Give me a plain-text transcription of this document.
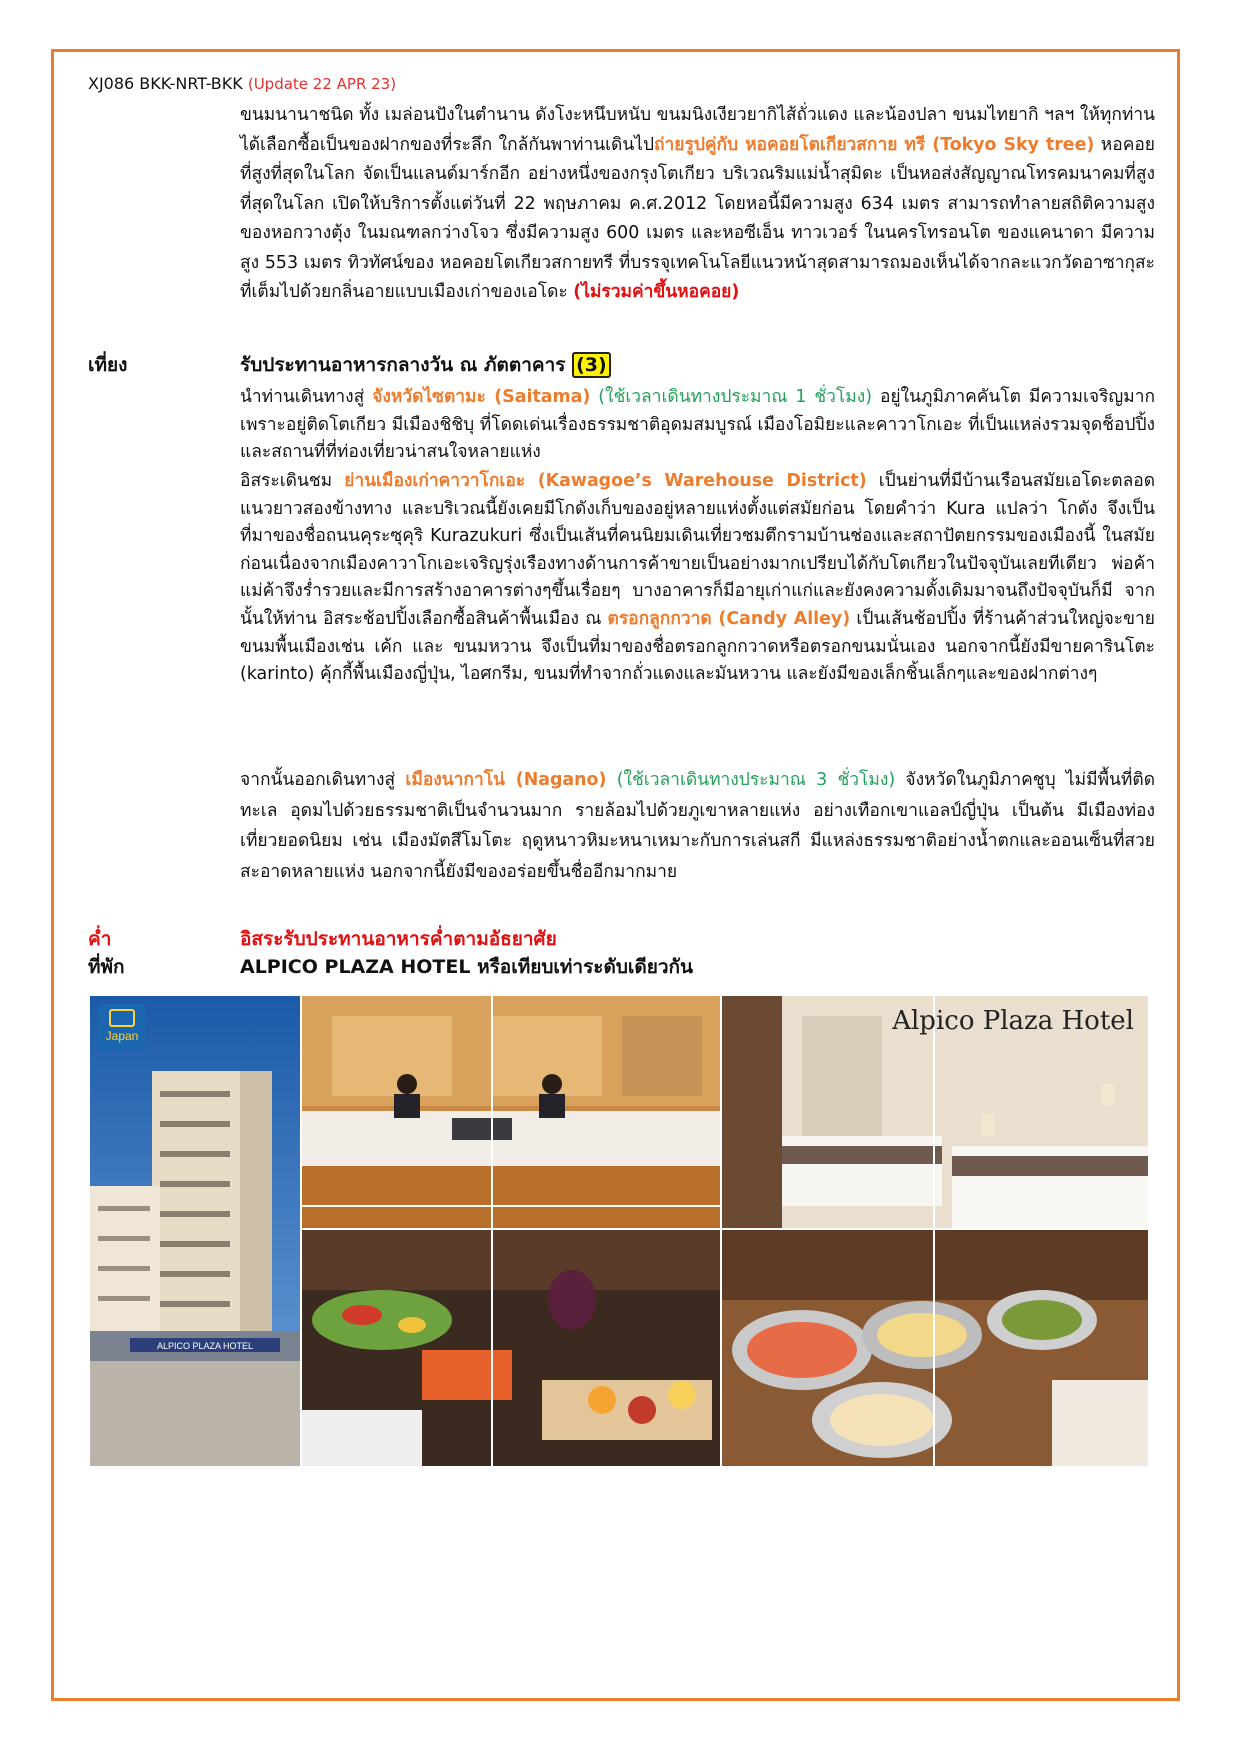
XJ086 BKK-NRT-BKK (Update 22 APR 23)
ขนมนานาชนิด ทั้ง เมล่อนปังในตำนาน ดังโงะหนึบหนับ ขนมนิงเงียวยากิไส้ถั่วแดง และน้องปลา ขนมไทยากิ ฯลฯ ให้ทุกท่านได้เลือกซื้อเป็นของฝากของที่ระลึก ใกล้กันพาท่านเดินไปถ่ายรูปคู่กับ หอคอยโตเกียวสกาย ทรี (Tokyo Sky tree) หอคอยที่สูงที่สุดในโลก จัดเป็นแลนด์มาร์กอีก อย่างหนึ่งของกรุงโตเกียว บริเวณริมแม่น้ำสุมิดะ เป็นหอส่งสัญญาณโทรคมนาคมที่สูงที่สุดในโลก เปิดให้บริการตั้งแต่วันที่ 22 พฤษภาคม ค.ศ.2012 โดยหอนี้มีความสูง 634 เมตร สามารถทำลายสถิติความสูงของหอกวางตุ้ง ในมณฑลกว่างโจว ซึ่งมีความสูง 600 เมตร และหอซีเอ็น ทาวเวอร์ ในนครโทรอนโต ของแคนาดา มีความสูง 553 เมตร ทิวทัศน์ของ หอคอยโตเกียวสกายทรี ที่บรรจุเทคโนโลยีแนวหน้าสุดสามารถมองเห็นได้จากละแวกวัดอาซากุสะที่เต็มไปด้วยกลิ่นอายแบบเมืองเก่าของเอโดะ (ไม่รวมค่าขึ้นหอคอย)
เที่ยง	รับประทานอาหารกลางวัน ณ ภัตตาคาร (3)
นำท่านเดินทางสู่ จังหวัดไซตามะ (Saitama) (ใช้เวลาเดินทางประมาณ 1 ชั่วโมง) อยู่ในภูมิภาคคันโต มีความเจริญมากเพราะอยู่ติดโตเกียว มีเมืองชิชิบุ ที่โดดเด่นเรื่องธรรมชาติอุดมสมบูรณ์ เมืองโอมิยะและคาวาโกเอะ ที่เป็นแหล่งรวมจุดช็อปปิ้งและสถานที่ที่ท่องเที่ยวน่าสนใจหลายแห่ง
อิสระเดินชม ย่านเมืองเก่าคาวาโกเอะ (Kawagoe’s Warehouse District) เป็นย่านที่มีบ้านเรือนสมัยเอโดะตลอดแนวยาวสองข้างทาง และบริเวณนี้ยังเคยมีโกดังเก็บของอยู่หลายแห่งตั้งแต่สมัยก่อน โดยคำว่า Kura แปลว่า โกดัง จึงเป็นที่มาของชื่อถนนคุระซุคุริ Kurazukuri ซึ่งเป็นเส้นที่คนนิยมเดินเที่ยวชมตึกรามบ้านช่องและสถาปัตยกรรมของเมืองนี้ ในสมัยก่อนเนื่องจากเมืองคาวาโกเอะเจริญรุ่งเรืองทางด้านการค้าขายเป็นอย่างมากเปรียบได้กับโตเกียวในปัจจุบันเลยทีเดียว พ่อค้าแม่ค้าจึงร่ำรวยและมีการสร้างอาคารต่างๆขึ้นเรื่อยๆ บางอาคารก็มีอายุเก่าแก่และยังคงความดั้งเดิมมาจนถึงปัจจุบันก็มี จากนั้นให้ท่าน อิสระช้อปปิ้งเลือกซื้อสินค้าพื้นเมือง ณ ตรอกลูกกวาด (Candy Alley) เป็นเส้นช้อปปิ้ง ที่ร้านค้าส่วนใหญ่จะขายขนมพื้นเมืองเช่น เค้ก และ ขนมหวาน จึงเป็นที่มาของชื่อตรอกลูกกวาดหรือตรอกขนมนั่นเอง นอกจากนี้ยังมีขายคารินโตะ (karinto) คุ้กกี้พื้นเมืองญี่ปุ่น, ไอศกรีม, ขนมที่ทำจากถั่วแดงและมันหวาน และยังมีของเล็กชิ้นเล็กๆและของฝากต่างๆ
จากนั้นออกเดินทางสู่ เมืองนากาโน่ (Nagano) (ใช้เวลาเดินทางประมาณ 3 ชั่วโมง) จังหวัดในภูมิภาคชูบุ ไม่มีพื้นที่ติดทะเล อุดมไปด้วยธรรมชาติเป็นจำนวนมาก รายล้อมไปด้วยภูเขาหลายแห่ง อย่างเทือกเขาแอลป์ญี่ปุ่น เป็นต้น มีเมืองท่องเที่ยวยอดนิยม เช่น เมืองมัตสึโมโตะ ฤดูหนาวหิมะหนาเหมาะกับการเล่นสกี มีแหล่งธรรมชาติอย่างน้ำตกและออนเซ็นที่สวยสะอาดหลายแห่ง นอกจากนี้ยังมีของอร่อยขึ้นชื่ออีกมากมาย
ค่ำ	อิสระรับประทานอาหารค่ำตามอัธยาศัย
ที่พัก	ALPICO PLAZA HOTEL หรือเทียบเท่าระดับเดียวกัน
ALPICO PLAZA HOTEL
Japan	Alpico Plaza Hotel
